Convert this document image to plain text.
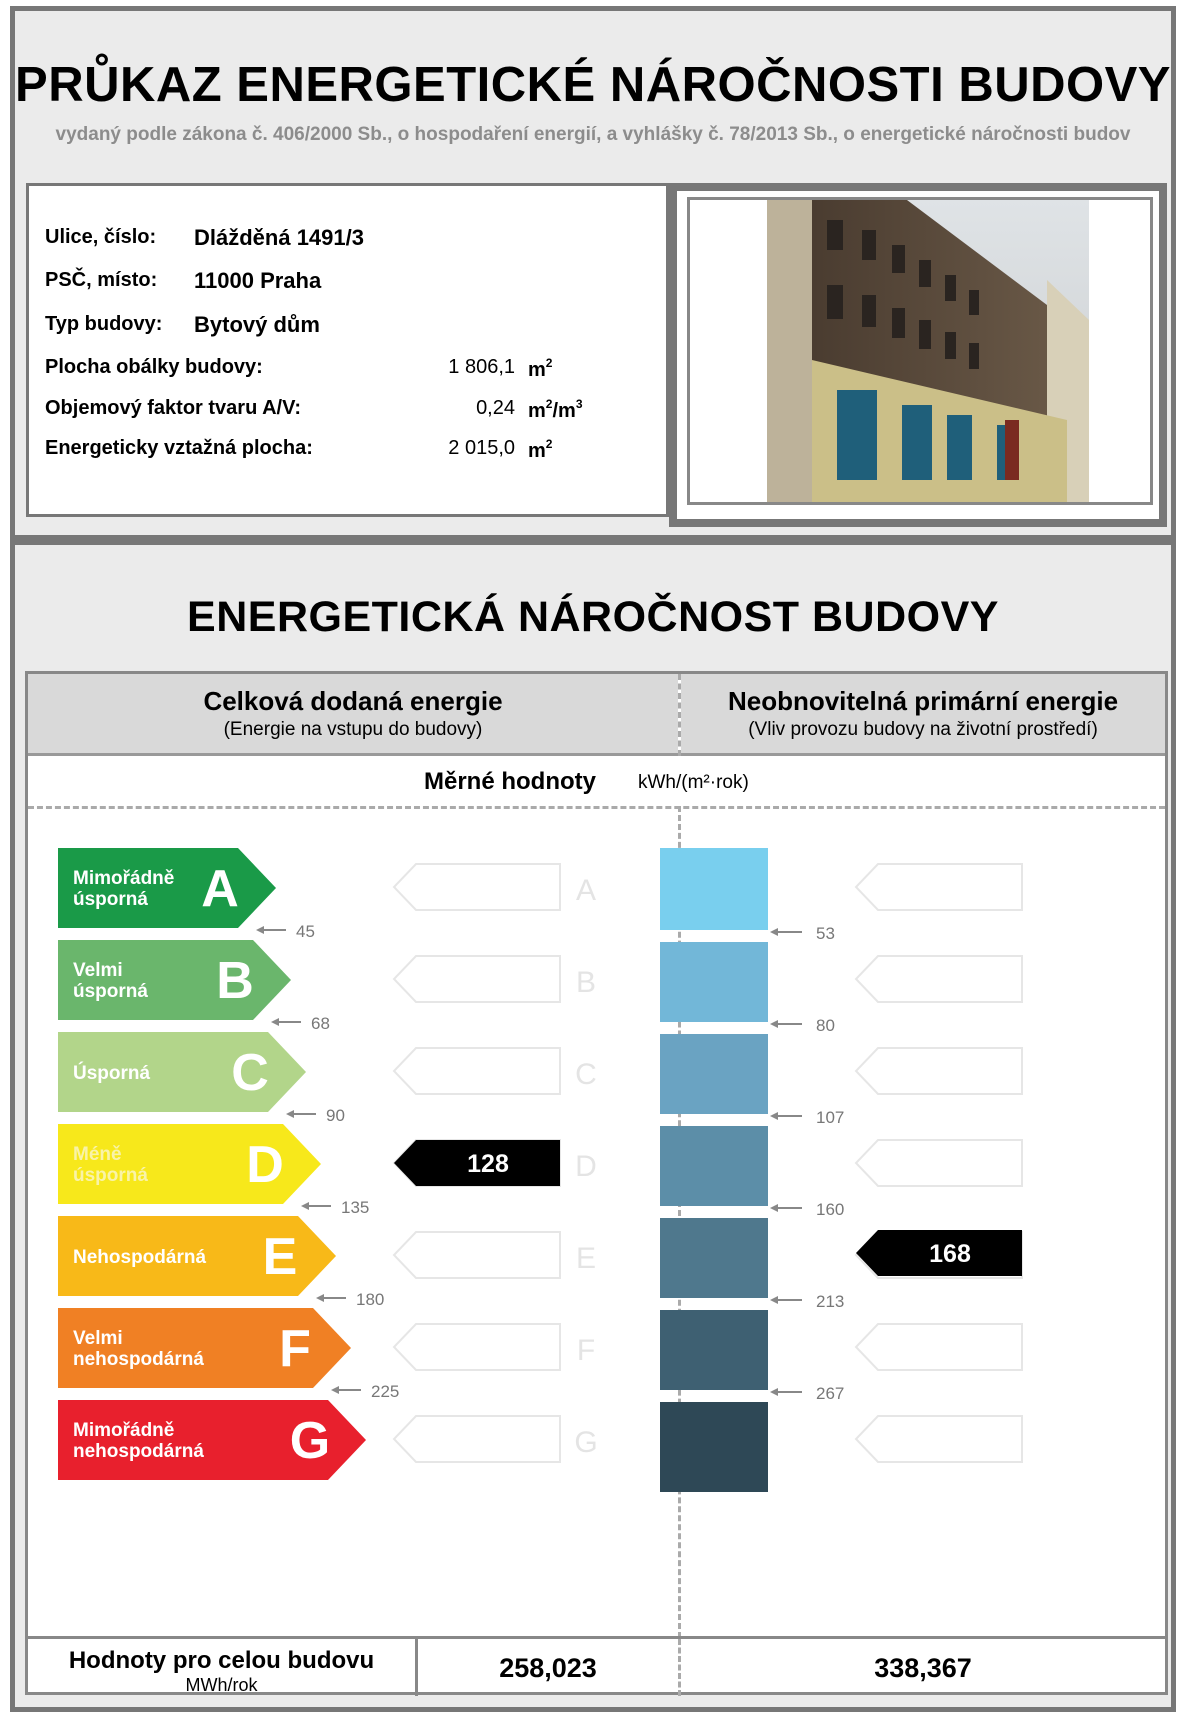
PRŮKAZ ENERGETICKÉ NÁROČNOSTI BUDOVY
vydaný podle zákona č. 406/2000 Sb., o hospodaření energií, a vyhlášky č. 78/2013 Sb., o energetické náročnosti budov
Ulice, číslo: Dlážděná 1491/3
PSČ, místo: 11000 Praha
Typ budovy: Bytový dům
Plocha obálky budovy:	1 806,1 $m^2$
Objemový faktor tvaru A/V:	0,24 $m^2/m^3$
Energeticky vztažná plocha:	2 015,0 $m^2$
ENERGETICKÁ NÁROČNOST BUDOVY
Celková dodaná energie
(Energie na vstupu do budovy)
Neobnovitelná primární energie
(Vliv provozu budovy na životní prostředí)
Měrné hodnoty kWh/(m²·rok)
Mimořádně
úsporná A	A
Velmi
úsporná B	B
Úsporná C	C
Méně
úsporná D	D
Nehospodárná E	E
Velmi
nehospodárná F	F
Mimořádně
nehospodárná G	G
45
68
90
135
180
225
53
80
107
160
213
267
128
168
Hodnoty pro celou budovu
MWh/rok
258,023	338,367
